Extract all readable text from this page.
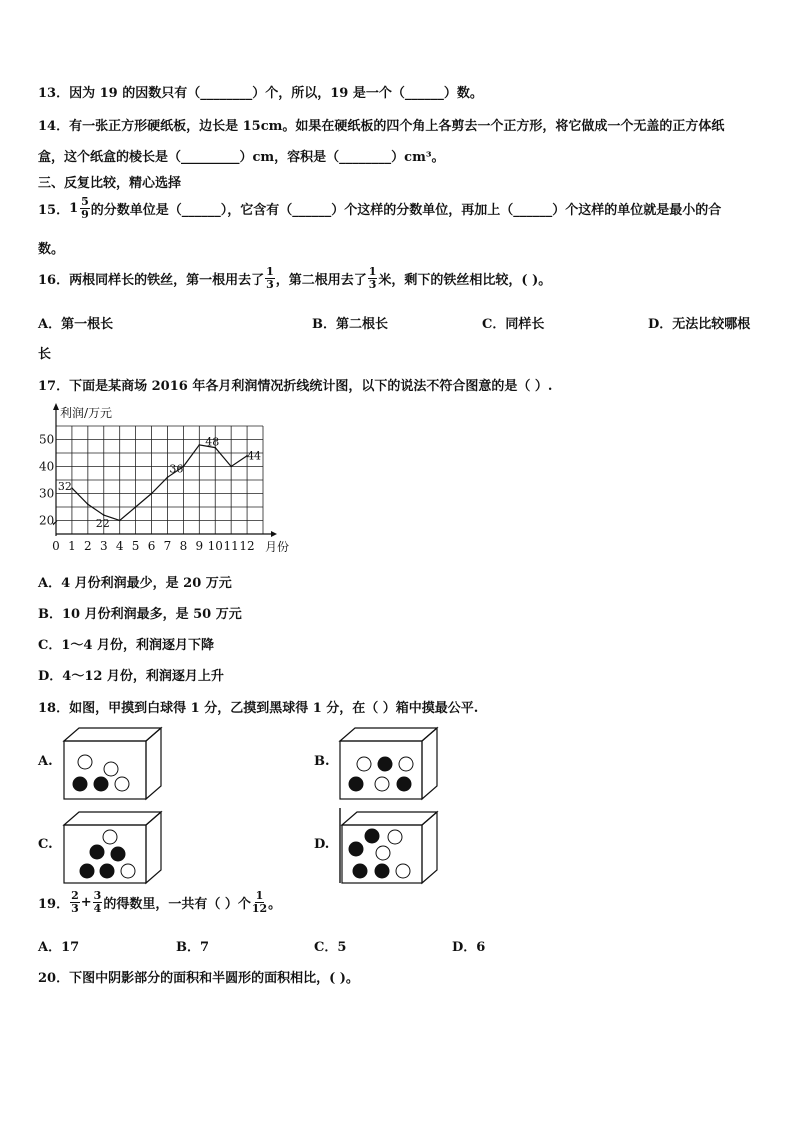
13．因为 19 的因数只有（________）个，所以，19 是一个（______）数。
14．有一张正方形硬纸板，边长是 15cm。如果在硬纸板的四个角上各剪去一个正方形，将它做成一个无盖的正方体纸
盒，这个纸盒的棱长是（_________）cm，容积是（________）cm³。
三、反复比较，精心选择
15． $1 \frac{5}{9}$ 的分数单位是（______），它含有（______）个这样的分数单位，再加上（______）个这样的单位就是最小的合
数。
16．两根同样长的铁丝，第一根用去了 $\frac{1}{3}$ ，第二根用去了 $\frac{1}{3}$ 米，剩下的铁丝相比较，( )。
A．第一根长	B．第二根长	C．同样长	D．无法比较哪根
长
17．下面是某商场 2016 年各月利润情况折线统计图，以下的说法不符合图意的是（ ）.
利润/万元
20
30
40
50
0 1 2 3 4 5 6 7 8 9 10 11 12 月份
32
22
36
48
44
A．4 月份利润最少，是 20 万元
B．10 月份利润最多，是 50 万元
C．1～4 月份，利润逐月下降
D．4～12 月份，利润逐月上升
18．如图，甲摸到白球得 1 分，乙摸到黑球得 1 分，在（ ）箱中摸最公平.
A.	B.
C.	D.
19． $\frac{2}{3} + \frac{3}{4}$ 的得数里，一共有（ ）个 $\frac{1}{12}$ 。
A．17	B．7	C．5	D．6
20．下图中阴影部分的面积和半圆形的面积相比，( )。
